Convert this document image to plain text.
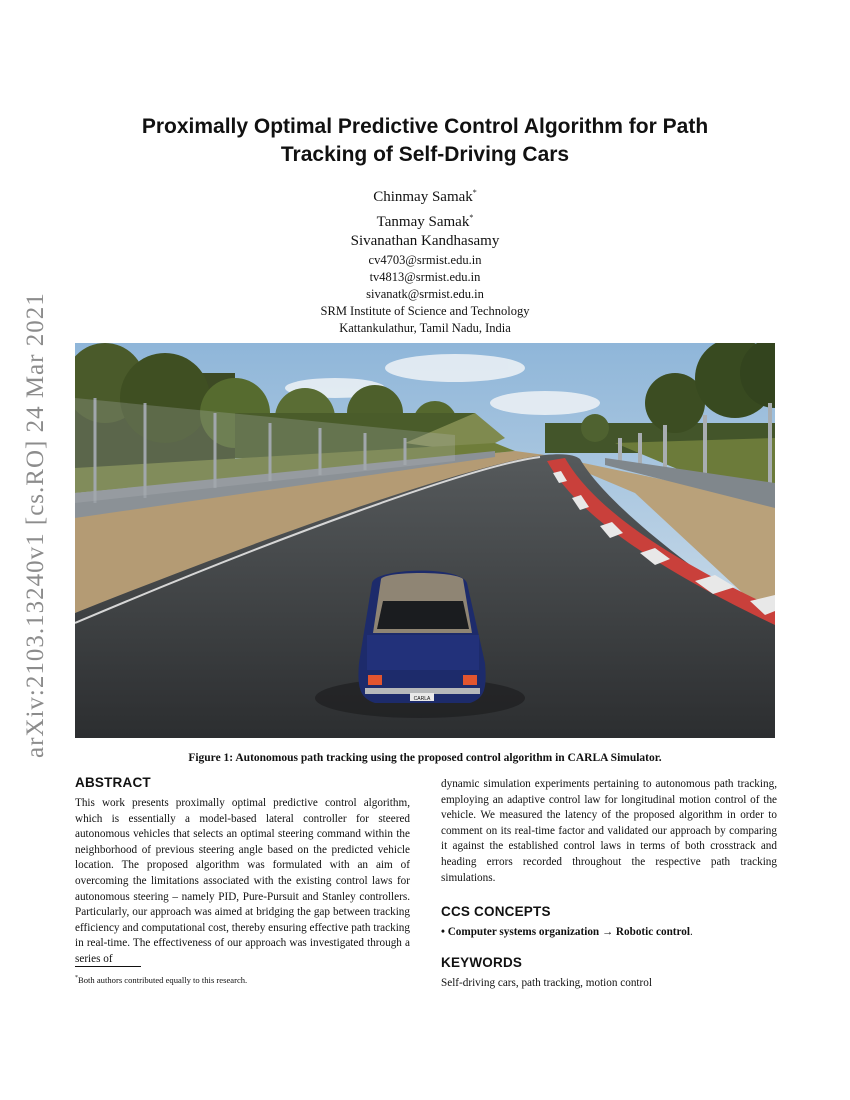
arXiv:2103.13240v1 [cs.RO] 24 Mar 2021
Proximally Optimal Predictive Control Algorithm for Path
Tracking of Self-Driving Cars
Chinmay Samak*
Tanmay Samak*
Sivanathan Kandhasamy
cv4703@srmist.edu.in
tv4813@srmist.edu.in
sivanatk@srmist.edu.in
SRM Institute of Science and Technology
Kattankulathur, Tamil Nadu, India
CARLA
Figure 1: Autonomous path tracking using the proposed control algorithm in CARLA Simulator.
ABSTRACT

This work presents proximally optimal predictive control algorithm, which is essentially a model-based lateral controller for steered autonomous vehicles that selects an optimal steering command within the neighborhood of previous steering angle based on the predicted vehicle location. The proposed algorithm was formulated with an aim of overcoming the limitations associated with the existing control laws for autonomous steering – namely PID, Pure-Pursuit and Stanley controllers. Particularly, our approach was aimed at bridging the gap between tracking efficiency and computational cost, thereby ensuring effective path tracking in real-time. The effectiveness of our approach was investigated through a series of

dynamic simulation experiments pertaining to autonomous path tracking, employing an adaptive control law for longitudinal motion control of the vehicle. We measured the latency of the proposed algorithm in order to comment on its real-time factor and validated our approach by comparing it against the established control laws in terms of both crosstrack and heading errors recorded throughout the respective path tracking simulations.

CCS CONCEPTS

• Computer systems organization → Robotic control.

KEYWORDS

Self-driving cars, path tracking, motion control

*Both authors contributed equally to this research.
